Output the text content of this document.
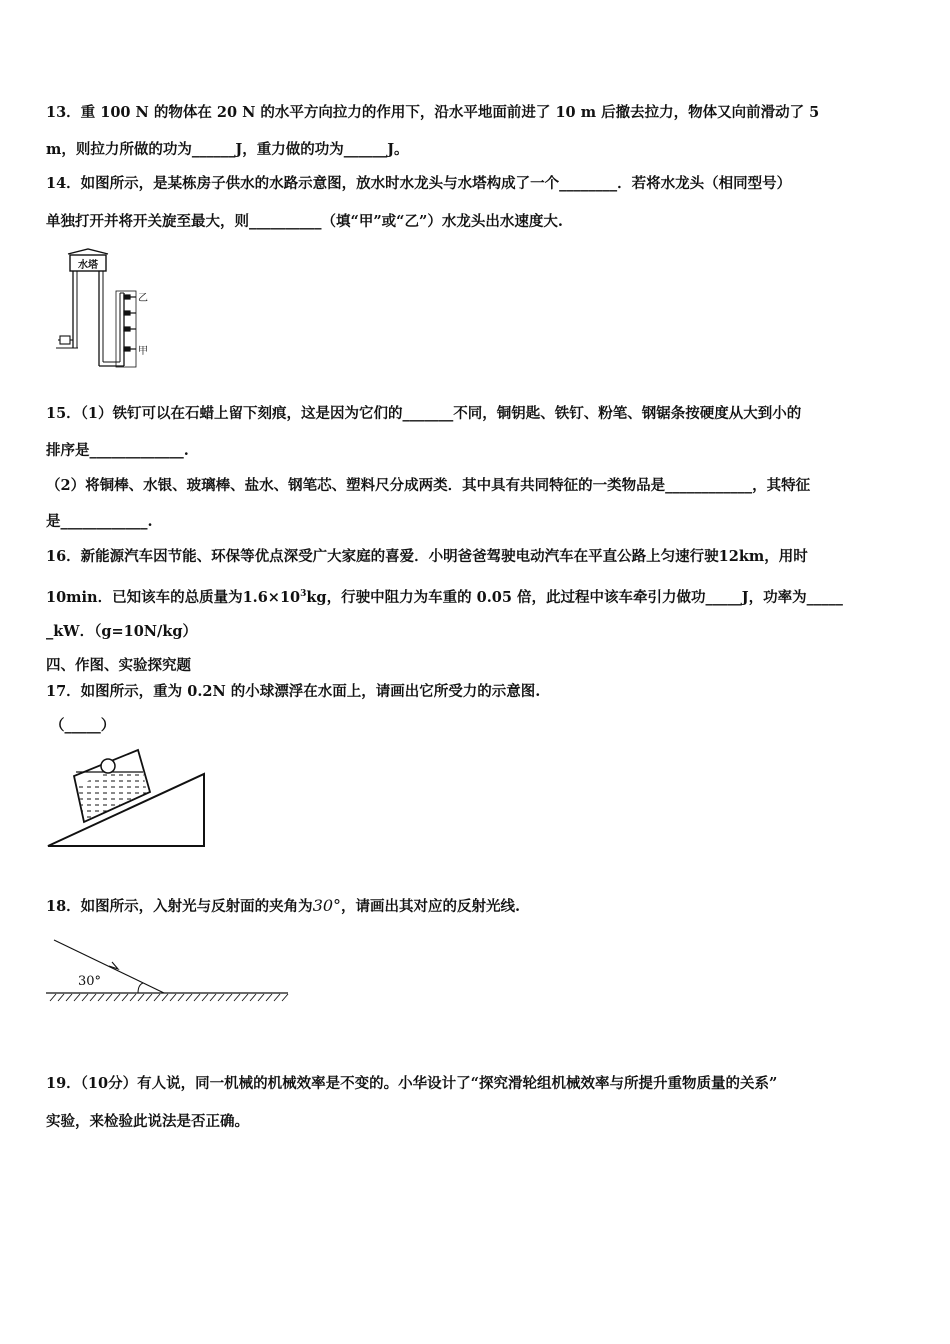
13．重 100 N 的物体在 20 N 的水平方向拉力的作用下，沿水平地面前进了 10 m 后撤去拉力，物体又向前滑动了 5
m，则拉力所做的功为______J，重力做的功为______J。
14．如图所示，是某栋房子供水的水路示意图，放水时水龙头与水塔构成了一个________．若将水龙头（相同型号）
单独打开并将开关旋至最大，则__________（填“甲”或“乙”）水龙头出水速度大.
水塔
乙
甲
15．（1）铁钉可以在石蜡上留下刻痕，这是因为它们的_______不同，铜钥匙、铁钉、粉笔、钢锯条按硬度从大到小的
排序是_____________.
（2）将铜棒、水银、玻璃棒、盐水、钢笔芯、塑料尺分成两类．其中具有共同特征的一类物品是____________，其特征
是____________.
16．新能源汽车因节能、环保等优点深受广大家庭的喜爱．小明爸爸驾驶电动汽车在平直公路上匀速行驶12km，用时
10min．已知该车的总质量为$1.6\times 10^3kg$，行驶中阻力为车重的 0.05 倍，此过程中该车牵引力做功_____J，功率为_____
_kW．（g=10N/kg）
四、作图、实验探究题
17．如图所示，重为 0.2N 的小球漂浮在水面上，请画出它所受力的示意图.
（_____）
18．如图所示，入射光与反射面的夹角为30°，请画出其对应的反射光线.
30°
19．（10分）有人说，同一机械的机械效率是不变的。小华设计了“探究滑轮组机械效率与所提升重物质量的关系”
实验，来检验此说法是否正确。
